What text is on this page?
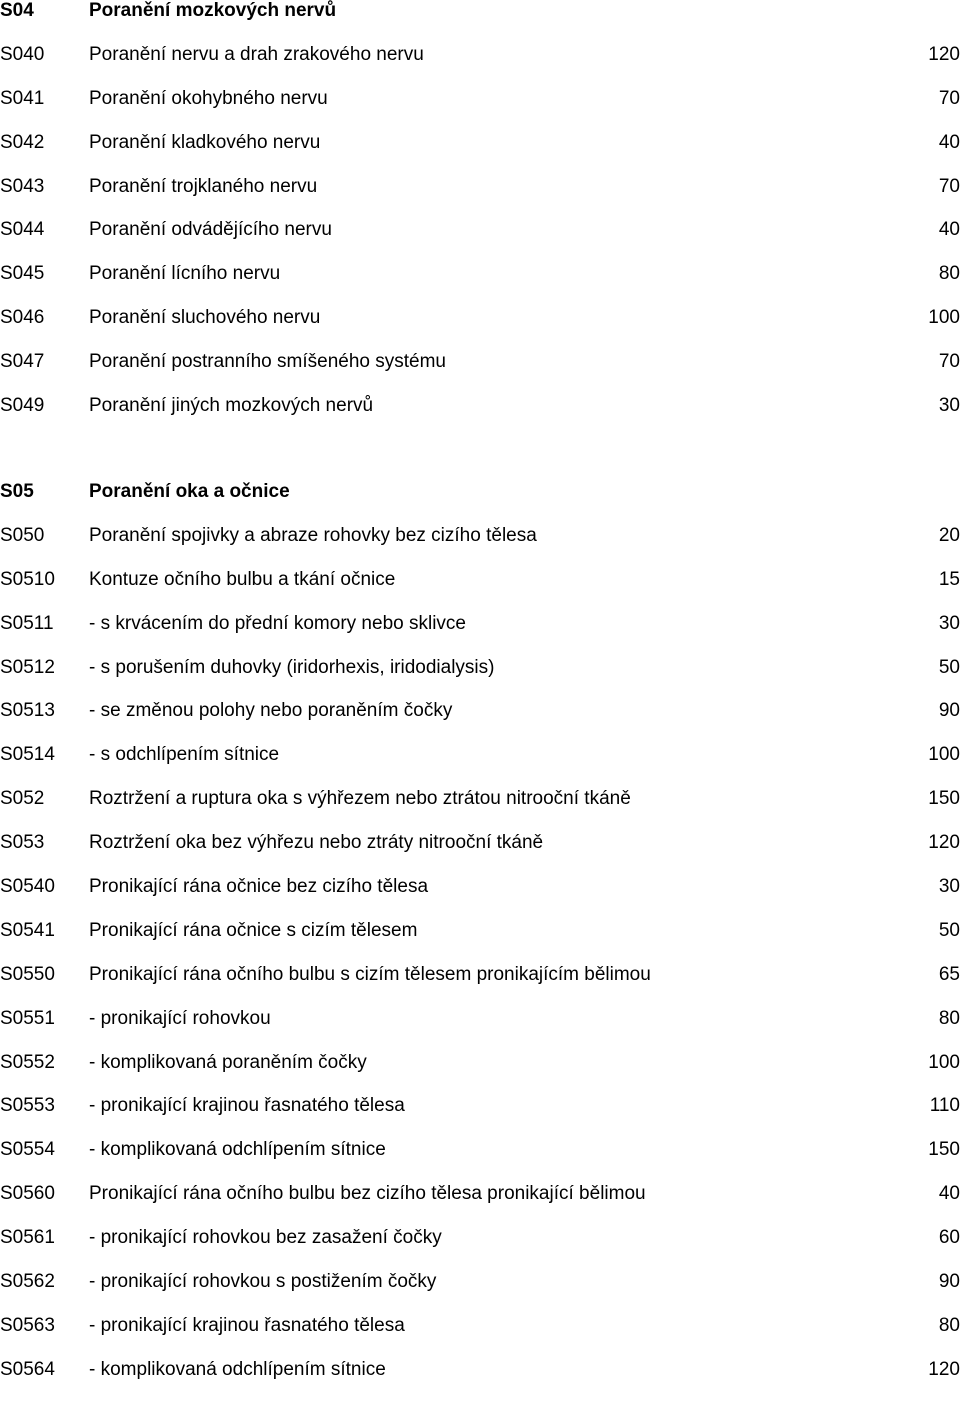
S04	Poranění mozkových nervů
S040 Poranění nervu a drah zrakového nervu	120
S041 Poranění okohybného nervu	70
S042 Poranění kladkového nervu	40
S043 Poranění trojklaného nervu	70
S044 Poranění odvádějícího nervu	40
S045 Poranění lícního nervu	80
S046 Poranění sluchového nervu	100
S047 Poranění postranního smíšeného systému	70
S049 Poranění jiných mozkových nervů	30
S05	Poranění oka a očnice
S050 Poranění spojivky a abraze rohovky bez cizího tělesa	20
S0510 Kontuze očního bulbu a tkání očnice	15
S0511 - s krvácením do přední komory nebo sklivce	30
S0512 - s porušením duhovky (iridorhexis, iridodialysis)	50
S0513 - se změnou polohy nebo poraněním čočky	90
S0514 - s odchlípením sítnice	100
S052 Roztržení a ruptura oka s výhřezem nebo ztrátou nitrooční tkáně	150
S053 Roztržení oka bez výhřezu nebo ztráty nitrooční tkáně	120
S0540 Pronikající rána očnice bez cizího tělesa	30
S0541 Pronikající rána očnice s cizím tělesem	50
S0550 Pronikající rána očního bulbu s cizím tělesem pronikajícím bělimou	65
S0551 - pronikající rohovkou	80
S0552 - komplikovaná poraněním čočky	100
S0553 - pronikající krajinou řasnatého tělesa	110
S0554 - komplikovaná odchlípením sítnice	150
S0560 Pronikající rána očního bulbu bez cizího tělesa pronikající bělimou	40
S0561 - pronikající rohovkou bez zasažení čočky	60
S0562 - pronikající rohovkou s postižením čočky	90
S0563 - pronikající krajinou řasnatého tělesa	80
S0564 - komplikovaná odchlípením sítnice	120
